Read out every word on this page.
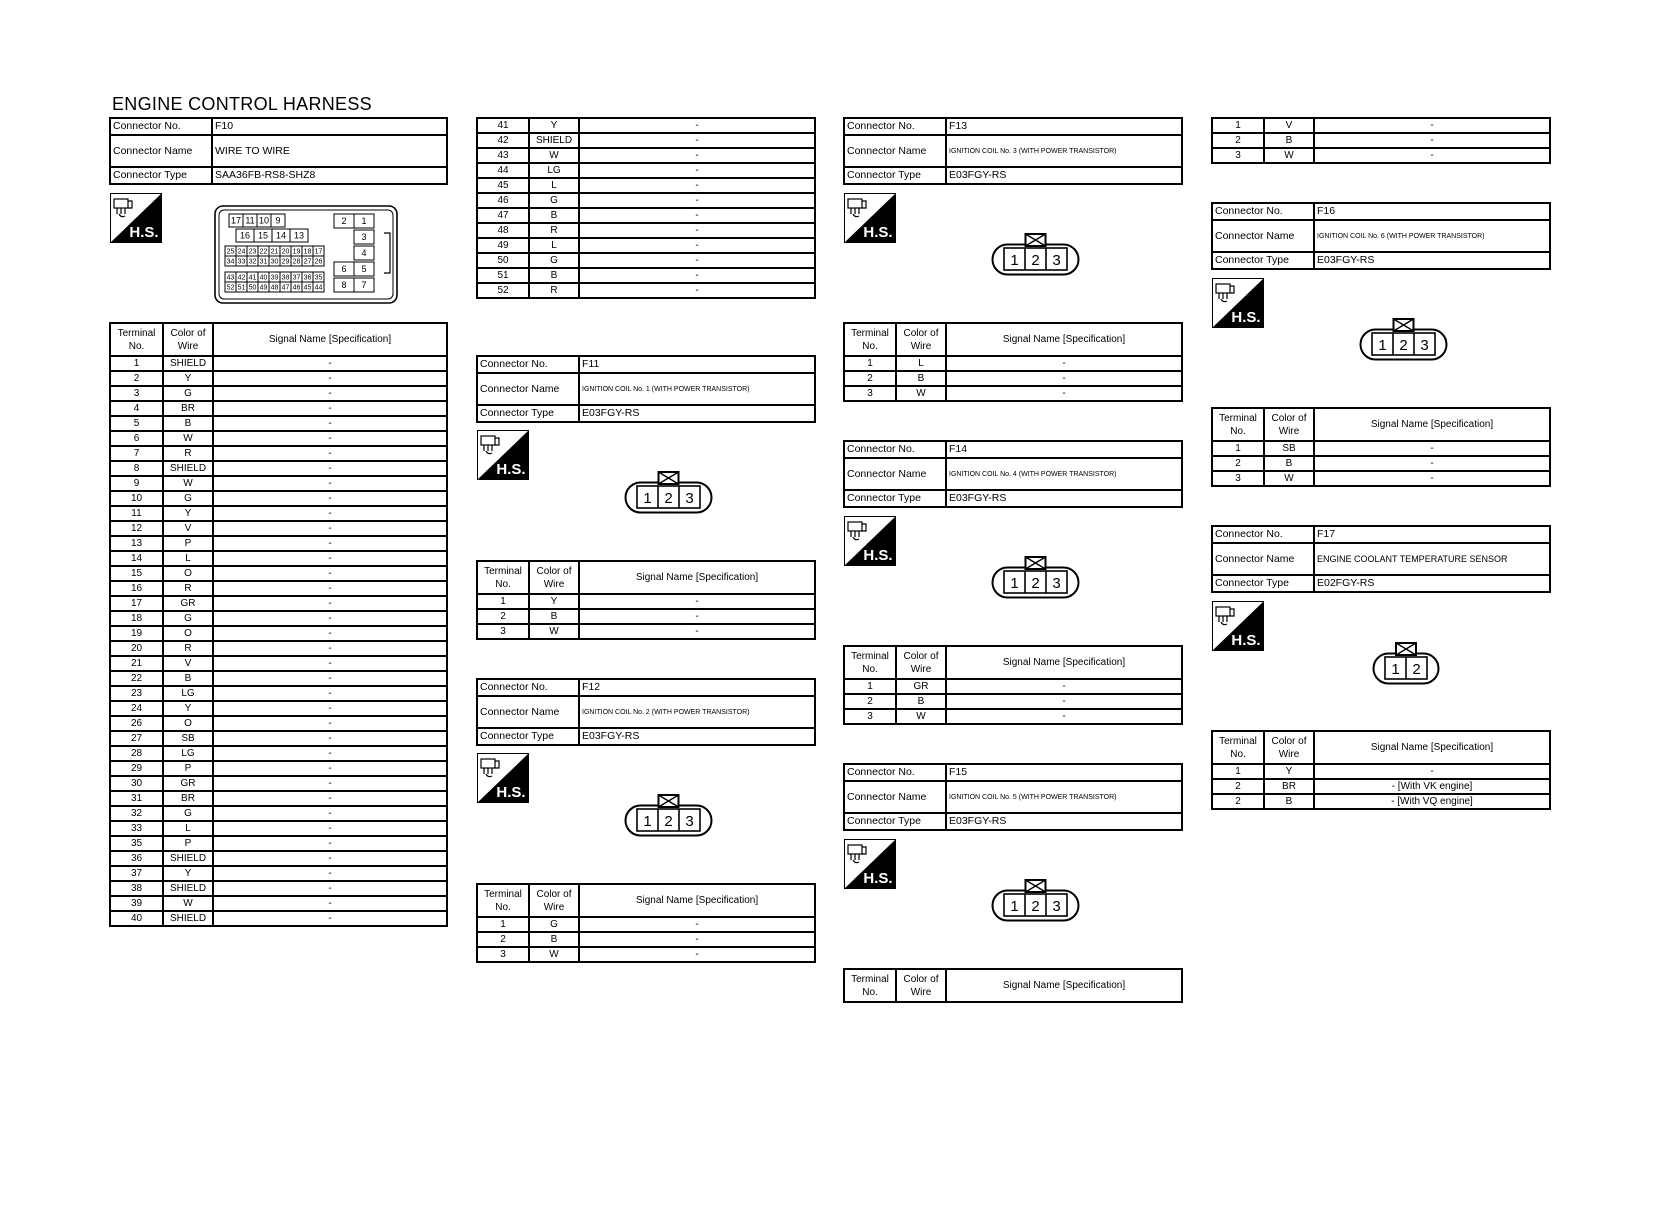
ENGINE CONTROL HARNESS
Connector No.	F10
Connector Name	WIRE TO WIRE
Connector Type	SAA36FB-RS8-SHZ8
H.S.
17 11 10 9
16 15 14 13
25 24 23 22 21 20 19 18 17
34 33 32 31 30 29 28 27 26
43 42 41 40 39 38 37 36 35
52 51 50 49 48 47 46 45 44
2 1
3
4
6 5
8 7
Terminal No.	Color of Wire	Signal Name [Specification]
1	SHIELD	-
2	Y	-
3	G	-
4	BR	-
5	B	-
6	W	-
7	R	-
8	SHIELD	-
9	W	-
10	G	-
11	Y	-
12	V	-
13	P	-
14	L	-
15	O	-
16	R	-
17	GR	-
18	G	-
19	O	-
20	R	-
21	V	-
22	B	-
23	LG	-
24	Y	-
26	O	-
27	SB	-
28	LG	-
29	P	-
30	GR	-
31	BR	-
32	G	-
33	L	-
35	P	-
36	SHIELD	-
37	Y	-
38	SHIELD	-
39	W	-
40	SHIELD	-
41	Y	-
42	SHIELD	-
43	W	-
44	LG	-
45	L	-
46	G	-
47	B	-
48	R	-
49	L	-
50	G	-
51	B	-
52	R	-
Connector No.	F11
Connector Name	IGNITION COIL No. 1 (WITH POWER TRANSISTOR)
Connector Type	E03FGY-RS
H.S.
1 2 3
Terminal No.	Color of Wire	Signal Name [Specification]
1	Y	-
2	B	-
3	W	-
Connector No.	F12
Connector Name	IGNITION COIL No. 2 (WITH POWER TRANSISTOR)
Connector Type	E03FGY-RS
H.S.
1 2 3
Terminal No.	Color of Wire	Signal Name [Specification]
1	G	-
2	B	-
3	W	-
Connector No.	F13
Connector Name	IGNITION COIL No. 3 (WITH POWER TRANSISTOR)
Connector Type	E03FGY-RS
H.S.
1 2 3
Terminal No.	Color of Wire	Signal Name [Specification]
1	L	-
2	B	-
3	W	-
Connector No.	F14
Connector Name	IGNITION COIL No. 4 (WITH POWER TRANSISTOR)
Connector Type	E03FGY-RS
H.S.
1 2 3
Terminal No.	Color of Wire	Signal Name [Specification]
1	GR	-
2	B	-
3	W	-
Connector No.	F15
Connector Name	IGNITION COIL No. 5 (WITH POWER TRANSISTOR)
Connector Type	E03FGY-RS
H.S.
1 2 3
Terminal No.	Color of Wire	Signal Name [Specification]
1	V	-
2	B	-
3	W	-
Connector No.	F16
Connector Name	IGNITION COIL No. 6 (WITH POWER TRANSISTOR)
Connector Type	E03FGY-RS
H.S.
1 2 3
Terminal No.	Color of Wire	Signal Name [Specification]
1	SB	-
2	B	-
3	W	-
Connector No.	F17
Connector Name	ENGINE COOLANT TEMPERATURE SENSOR
Connector Type	E02FGY-RS
H.S.
1 2
Terminal No.	Color of Wire	Signal Name [Specification]
1	Y	-
2	BR	- [With VK engine]
2	B	- [With VQ engine]
